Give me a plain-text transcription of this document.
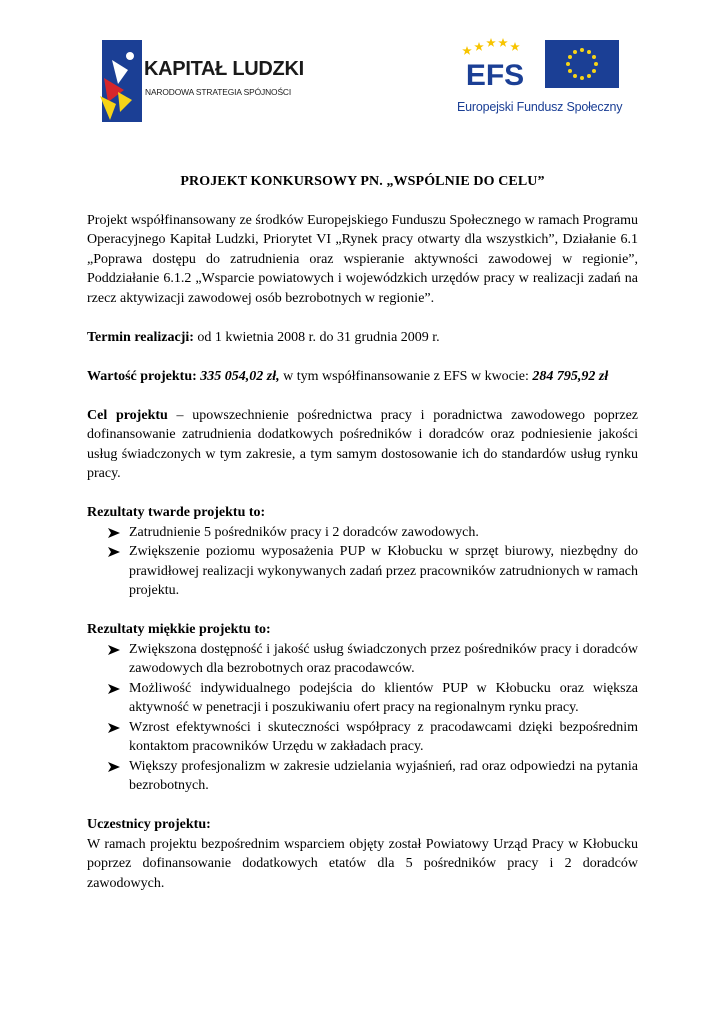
KAPITAŁ LUDZKI
NARODOWA STRATEGIA SPÓJNOŚCI	EFS
Europejski Fundusz Społeczny
PROJEKT KONKURSOWY PN. „WSPÓLNIE DO CELU”

Projekt współfinansowany ze środków Europejskiego Funduszu Społecznego w ramach Programu Operacyjnego Kapitał Ludzki, Priorytet VI „Rynek pracy otwarty dla wszystkich”, Działanie 6.1 „Poprawa dostępu do zatrudnienia oraz wspieranie aktywności zawodowej w regionie”, Poddziałanie 6.1.2 „Wsparcie powiatowych i wojewódzkich urzędów pracy w realizacji zadań na rzecz aktywizacji zawodowej osób bezrobotnych w regionie”.

Termin realizacji: od 1 kwietnia 2008 r. do 31 grudnia 2009 r.

Wartość projektu: 335 054,02 zł, w tym współfinansowanie z EFS w kwocie: 284 795,92 zł

Cel projektu – upowszechnienie pośrednictwa pracy i poradnictwa zawodowego poprzez dofinansowanie zatrudnienia dodatkowych pośredników i doradców oraz podniesienie jakości usług świadczonych w tym zakresie, a tym samym dostosowanie ich do standardów usług rynku pracy.

Rezultaty twarde projektu to:

Zatrudnienie 5 pośredników pracy i 2 doradców zawodowych.
Zwiększenie poziomu wyposażenia PUP w Kłobucku w sprzęt biurowy, niezbędny do prawidłowej realizacji wykonywanych zadań przez pracowników zatrudnionych w ramach projektu.

Rezultaty miękkie projektu to:

Zwiększona dostępność i jakość usług świadczonych przez pośredników pracy i doradców zawodowych dla bezrobotnych oraz pracodawców.
Możliwość indywidualnego podejścia do klientów PUP w Kłobucku oraz większa aktywność w penetracji i poszukiwaniu ofert pracy na regionalnym rynku pracy.
Wzrost efektywności i skuteczności współpracy z pracodawcami dzięki bezpośrednim kontaktom pracowników Urzędu w zakładach pracy.
Większy profesjonalizm w zakresie udzielania wyjaśnień, rad oraz odpowiedzi na pytania bezrobotnych.

Uczestnicy projektu:

W ramach projektu bezpośrednim wsparciem objęty został Powiatowy Urząd Pracy w Kłobucku poprzez dofinansowanie dodatkowych etatów dla 5 pośredników pracy i 2 doradców zawodowych.
